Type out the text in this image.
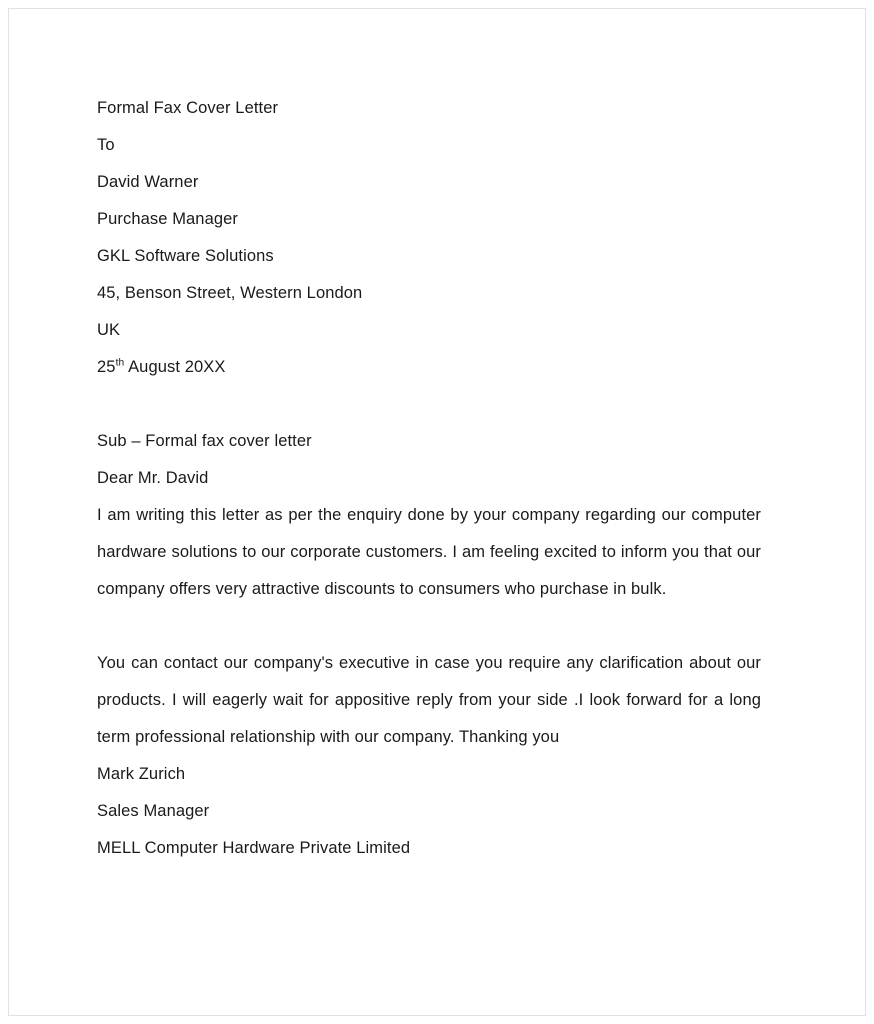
Formal Fax Cover Letter
To
David Warner
Purchase Manager
GKL Software Solutions
45, Benson Street, Western London
UK
25th August 20XX
Sub – Formal fax cover letter
Dear Mr. David

I am writing this letter as per the enquiry done by your company regarding our computer hardware solutions to our corporate customers. I am feeling excited to inform you that our company offers very attractive discounts to consumers who purchase in bulk.

You can contact our company's executive in case you require any clarification about our products. I will eagerly wait for appositive reply from your side .I look forward for a long term professional relationship with our company. Thanking you

Mark Zurich
Sales Manager
MELL Computer Hardware Private Limited
